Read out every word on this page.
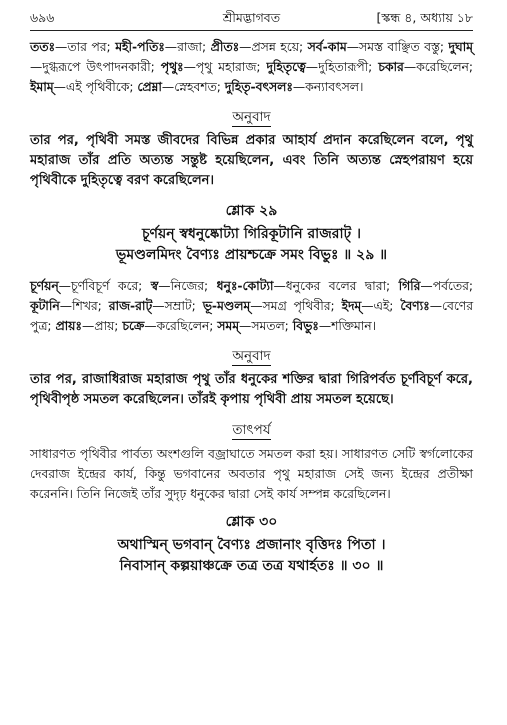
৬৯৬	শ্রীমদ্ভাগবত	[স্কন্ধ ৪, অধ্যায় ১৮

ততঃ—তার পর; মহী-পতিঃ—রাজা; প্রীতঃ—প্রসন্ন হয়ে; সর্ব-কাম—সমস্ত বাঞ্ছিত বস্তু; দুঘাম্—দুগ্ধরূপে উৎপাদনকারী; পৃথুঃ—পৃথু মহারাজ; দুহিতৃত্বে—দুহিতারূপী; চকার—করেছিলেন; ইমাম্—এই পৃথিবীকে; প্রেম্না—স্নেহবশত; দুহিতৃ-বৎসলঃ—কন্যাবৎসল।

অনুবাদ

তার পর, পৃথিবী সমস্ত জীবদের বিভিন্ন প্রকার আহার্য প্রদান করেছিলেন বলে, পৃথু মহারাজ তাঁর প্রতি অত্যন্ত সন্তুষ্ট হয়েছিলেন, এবং তিনি অত্যন্ত স্নেহপরায়ণ হয়ে পৃথিবীকে দুহিতৃত্বে বরণ করেছিলেন।

শ্লোক ২৯

চূর্ণয়ন্ স্বধনুষ্কোট্যা গিরিকূটানি রাজরাট্ ।

ভূমণ্ডলমিদং বৈণ্যঃ প্রায়শ্চক্রে সমং বিভুঃ ॥ ২৯ ॥

চূর্ণয়ন্—চূর্ণবিচূর্ণ করে; স্ব—নিজের; ধনুঃ-কোট্যা—ধনুকের বলের দ্বারা; গিরি—পর্বতের; কূটানি—শিখর; রাজ-রাট্—সম্রাট; ভূ-মণ্ডলম্—সমগ্র পৃথিবীর; ইদম্—এই; বৈণ্যঃ—বেণের পুত্র; প্রায়ঃ—প্রায়; চক্রে—করেছিলেন; সমম্—সমতল; বিভুঃ—শক্তিমান।

অনুবাদ

তার পর, রাজাধিরাজ মহারাজ পৃথু তাঁর ধনুকের শক্তির দ্বারা গিরিপর্বত চূর্ণবিচূর্ণ করে, পৃথিবীপৃষ্ঠ সমতল করেছিলেন। তাঁরই কৃপায় পৃথিবী প্রায় সমতল হয়েছে।

তাৎপর্য

সাধারণত পৃথিবীর পার্বত্য অংশগুলি বজ্রাঘাতে সমতল করা হয়। সাধারণত সেটি স্বর্গলোকের দেবরাজ ইন্দ্রের কার্য, কিন্তু ভগবানের অবতার পৃথু মহারাজ সেই জন্য ইন্দ্রের প্রতীক্ষা করেননি। তিনি নিজেই তাঁর সুদৃঢ় ধনুকের দ্বারা সেই কার্য সম্পন্ন করেছিলেন।

শ্লোক ৩০

অথাস্মিন্ ভগবান্ বৈণ্যঃ প্রজানাং বৃত্তিদঃ পিতা ।

নিবাসান্ কল্পয়াঞ্চক্রে তত্র তত্র যথার্হতঃ ॥ ৩০ ॥
